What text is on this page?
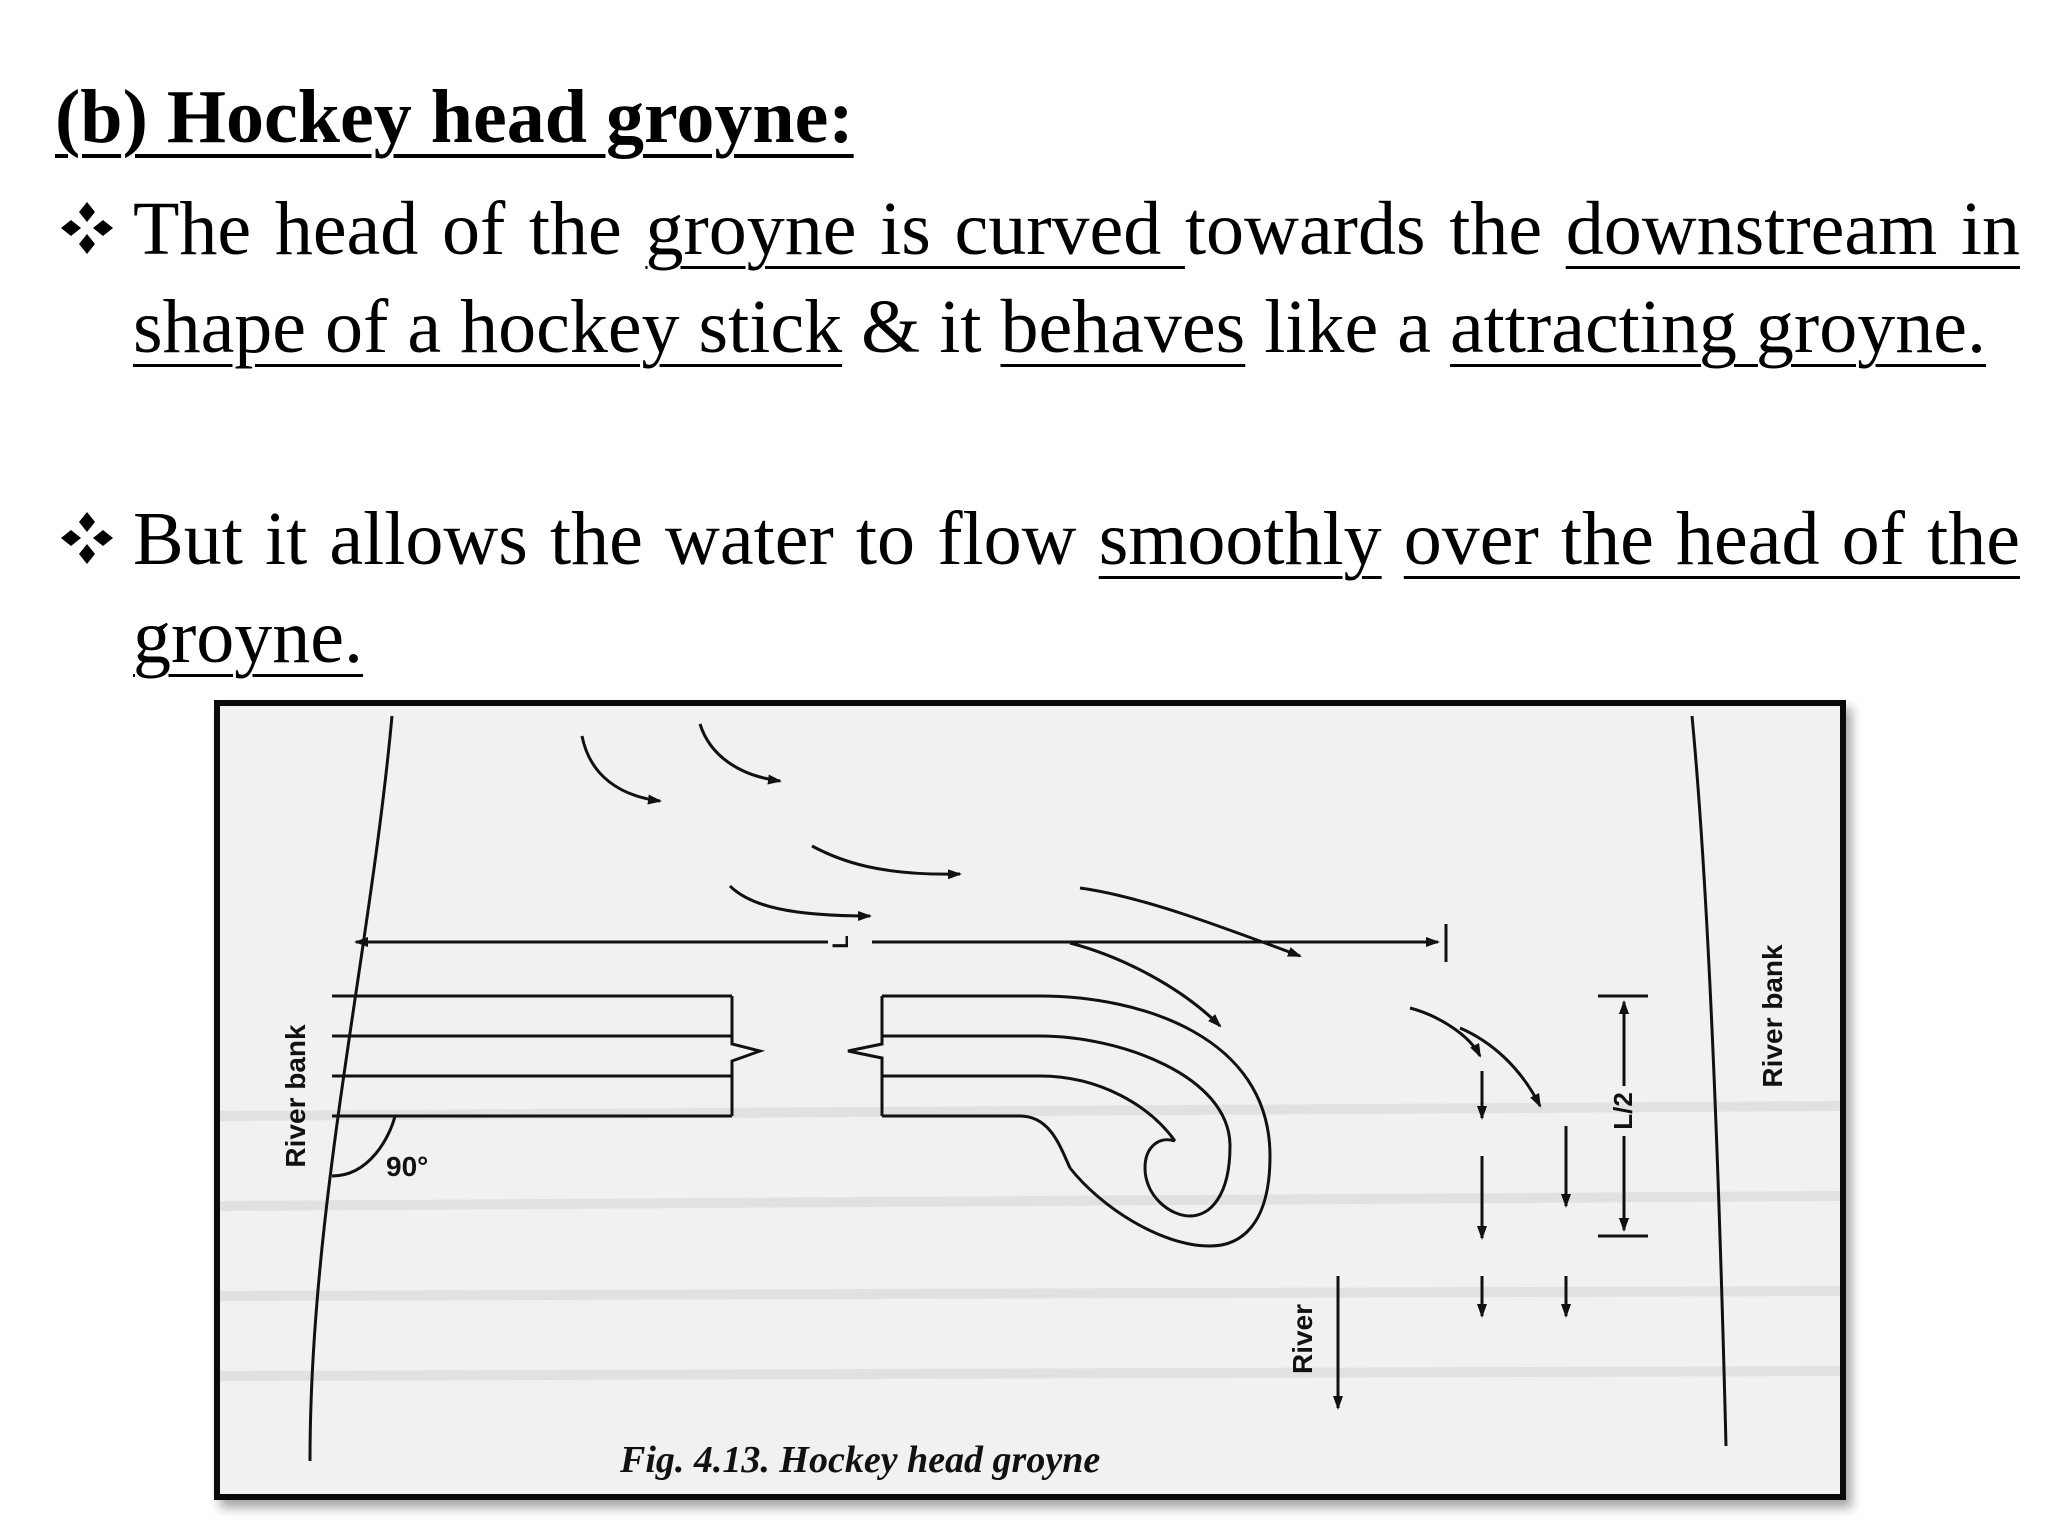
(b) Hockey head groyne:

The head of the groyne is curved towards the downstream in shape of a hockey stick & it behaves like a attracting groyne.

But it allows the water to flow smoothly over the head of the groyne.

River bank
River bank
90°
L
L/2
River
Fig. 4.13. Hockey head groyne
